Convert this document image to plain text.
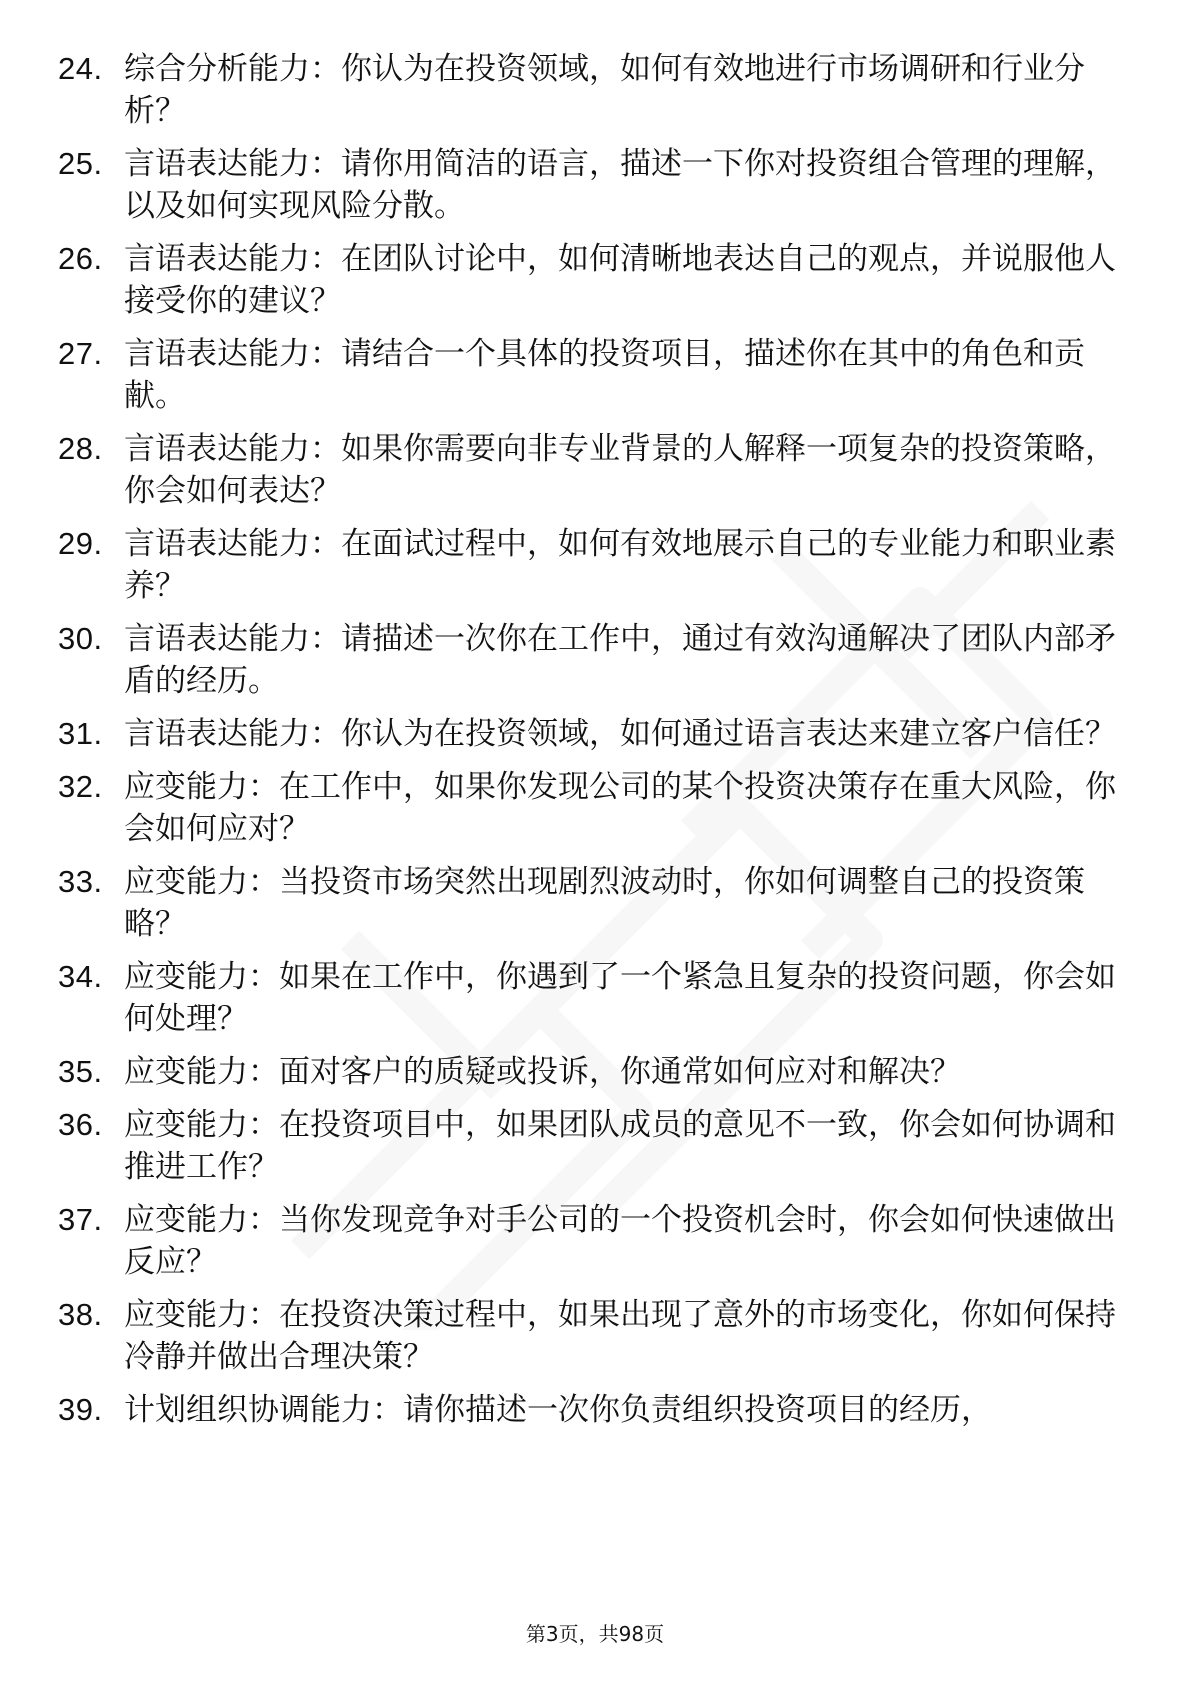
24. 综合分析能力：你认为在投资领域，如何有效地进行市场调研和行业分析？
25. 言语表达能力：请你用简洁的语言，描述一下你对投资组合管理的理解，以及如何实现风险分散。
26. 言语表达能力：在团队讨论中，如何清晰地表达自己的观点，并说服他人接受你的建议？
27. 言语表达能力：请结合一个具体的投资项目，描述你在其中的角色和贡献。
28. 言语表达能力：如果你需要向非专业背景的人解释一项复杂的投资策略，你会如何表达？
29. 言语表达能力：在面试过程中，如何有效地展示自己的专业能力和职业素养？
30. 言语表达能力：请描述一次你在工作中，通过有效沟通解决了团队内部矛盾的经历。
31. 言语表达能力：你认为在投资领域，如何通过语言表达来建立客户信任？
32. 应变能力：在工作中，如果你发现公司的某个投资决策存在重大风险，你会如何应对？
33. 应变能力：当投资市场突然出现剧烈波动时，你如何调整自己的投资策略？
34. 应变能力：如果在工作中，你遇到了一个紧急且复杂的投资问题，你会如何处理？
35. 应变能力：面对客户的质疑或投诉，你通常如何应对和解决？
36. 应变能力：在投资项目中，如果团队成员的意见不一致，你会如何协调和推进工作？
37. 应变能力：当你发现竞争对手公司的一个投资机会时，你会如何快速做出反应？
38. 应变能力：在投资决策过程中，如果出现了意外的市场变化，你如何保持冷静并做出合理决策？
39. 计划组织协调能力：请你描述一次你负责组织投资项目的经历，
第3页，共98页
